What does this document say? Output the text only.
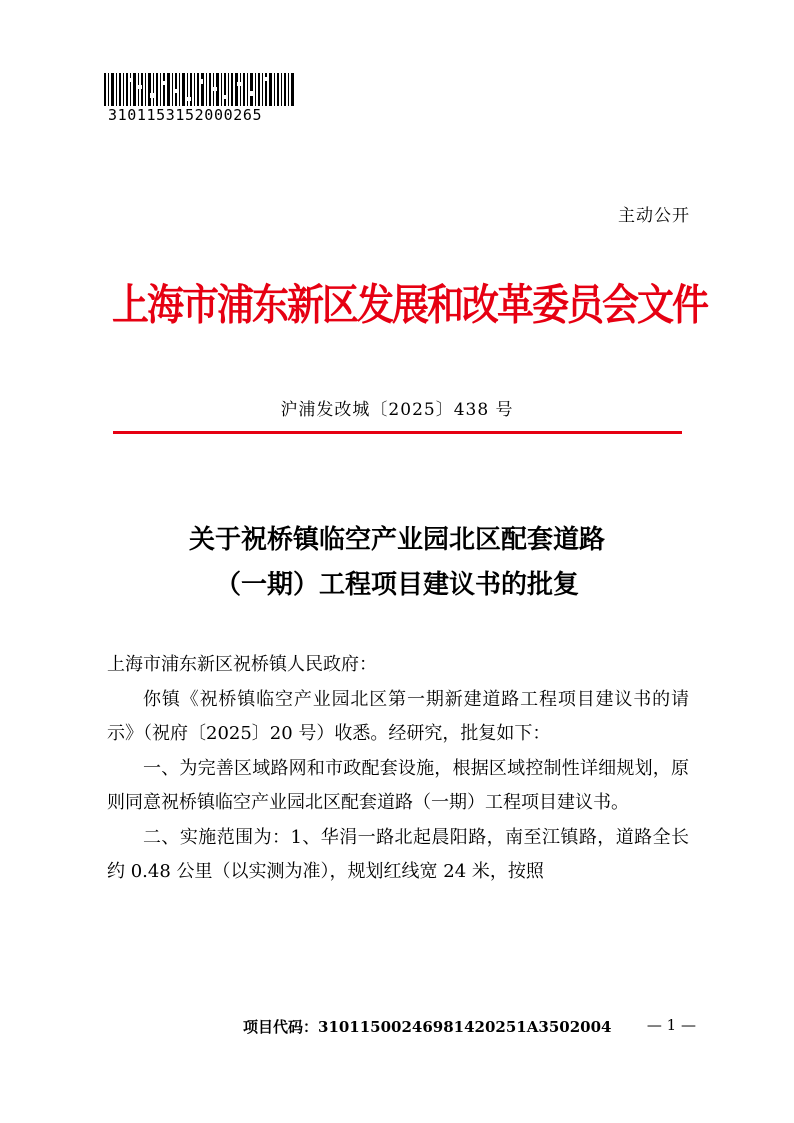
3101153152000265
主动公开
上海市浦东新区发展和改革委员会文件
沪浦发改城〔2025〕438 号
关于祝桥镇临空产业园北区配套道路
（一期）工程项目建议书的批复

上海市浦东新区祝桥镇人民政府：

你镇《祝桥镇临空产业园北区第一期新建道路工程项目建议书的请示》（祝府〔2025〕20 号）收悉。经研究，批复如下：

一、为完善区域路网和市政配套设施，根据区域控制性详细规划，原则同意祝桥镇临空产业园北区配套道路（一期）工程项目建议书。

二、实施范围为：1、华涓一路北起晨阳路，南至江镇路，道路全长约 0.48 公里（以实测为准），规划红线宽 24 米，按照

项目代码：31011500246981420251A3502004 — 1 —
